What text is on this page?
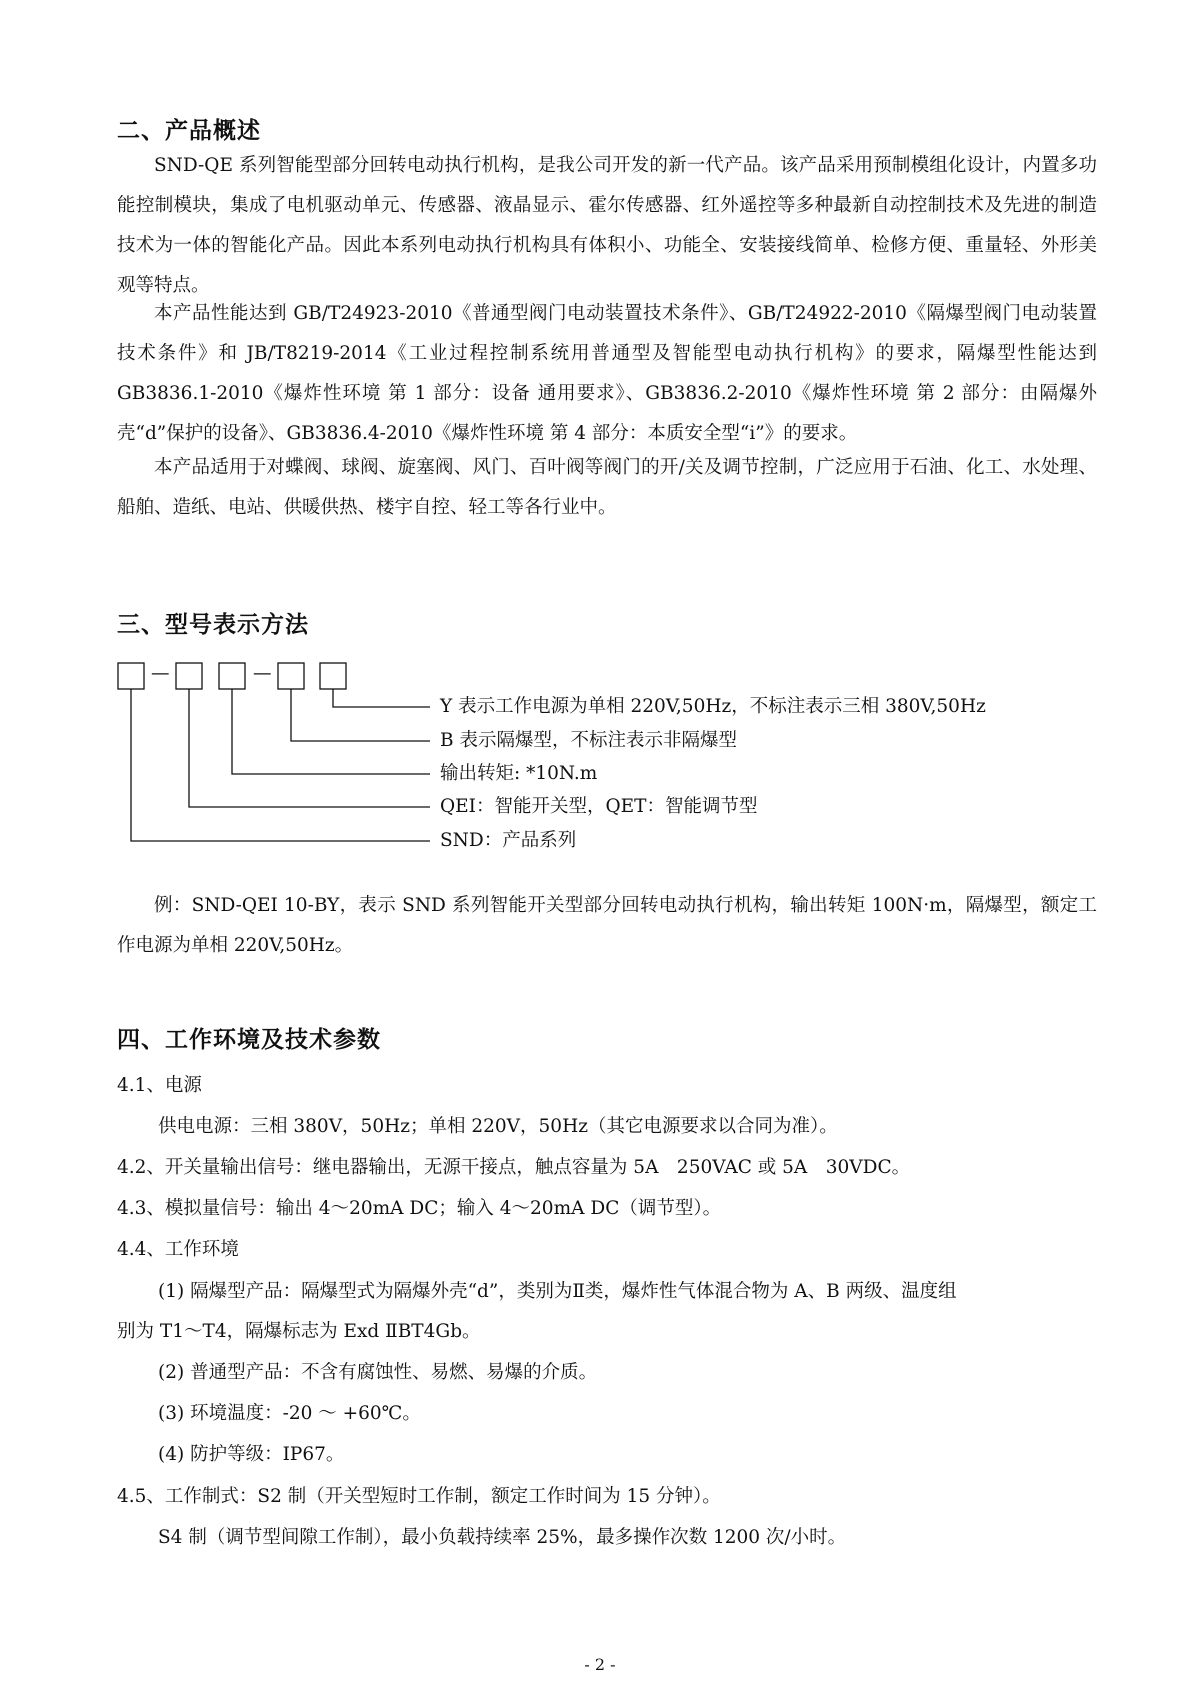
二、产品概述

SND-QE 系列智能型部分回转电动执行机构，是我公司开发的新一代产品。该产品采用预制模组化设计，内置多功能控制模块，集成了电机驱动单元、传感器、液晶显示、霍尔传感器、红外遥控等多种最新自动控制技术及先进的制造技术为一体的智能化产品。因此本系列电动执行机构具有体积小、功能全、安装接线简单、检修方便、重量轻、外形美观等特点。

本产品性能达到 GB/T24923-2010《普通型阀门电动装置技术条件》、GB/T24922-2010《隔爆型阀门电动装置技术条件》和 JB/T8219-2014《工业过程控制系统用普通型及智能型电动执行机构》的要求，隔爆型性能达到 GB3836.1-2010《爆炸性环境 第 1 部分：设备 通用要求》、GB3836.2-2010《爆炸性环境 第 2 部分：由隔爆外壳“d”保护的设备》、GB3836.4-2010《爆炸性环境 第 4 部分：本质安全型“i”》的要求。

本产品适用于对蝶阀、球阀、旋塞阀、风门、百叶阀等阀门的开/关及调节控制，广泛应用于石油、化工、水处理、船舶、造纸、电站、供暖供热、楼宇自控、轻工等各行业中。

三、型号表示方法
—	—
Y 表示工作电源为单相 220V,50Hz，不标注表示三相 380V,50Hz
B 表示隔爆型，不标注表示非隔爆型
输出转矩: *10N.m
QEI：智能开关型，QET：智能调节型
SND：产品系列

例：SND-QEI 10-BY，表示 SND 系列智能开关型部分回转电动执行机构，输出转矩 100N·m，隔爆型，额定工作电源为单相 220V,50Hz。

四、工作环境及技术参数
4.1、电源
供电电源：三相 380V，50Hz；单相 220V，50Hz（其它电源要求以合同为准）。
4.2、开关量输出信号：继电器输出，无源干接点，触点容量为 5A　250VAC 或 5A　30VDC。
4.3、模拟量信号：输出 4～20mA DC；输入 4～20mA DC（调节型）。
4.4、工作环境
(1) 隔爆型产品：隔爆型式为隔爆外壳“d”，类别为Ⅱ类，爆炸性气体混合物为 A、B 两级、温度组
别为 T1～T4，隔爆标志为 Exd ⅡBT4Gb。
(2) 普通型产品：不含有腐蚀性、易燃、易爆的介质。
(3) 环境温度：-20 ～ +60℃。
(4) 防护等级：IP67。
4.5、工作制式：S2 制（开关型短时工作制，额定工作时间为 15 分钟）。
S4 制（调节型间隙工作制），最小负载持续率 25%，最多操作次数 1200 次/小时。
- 2 -
